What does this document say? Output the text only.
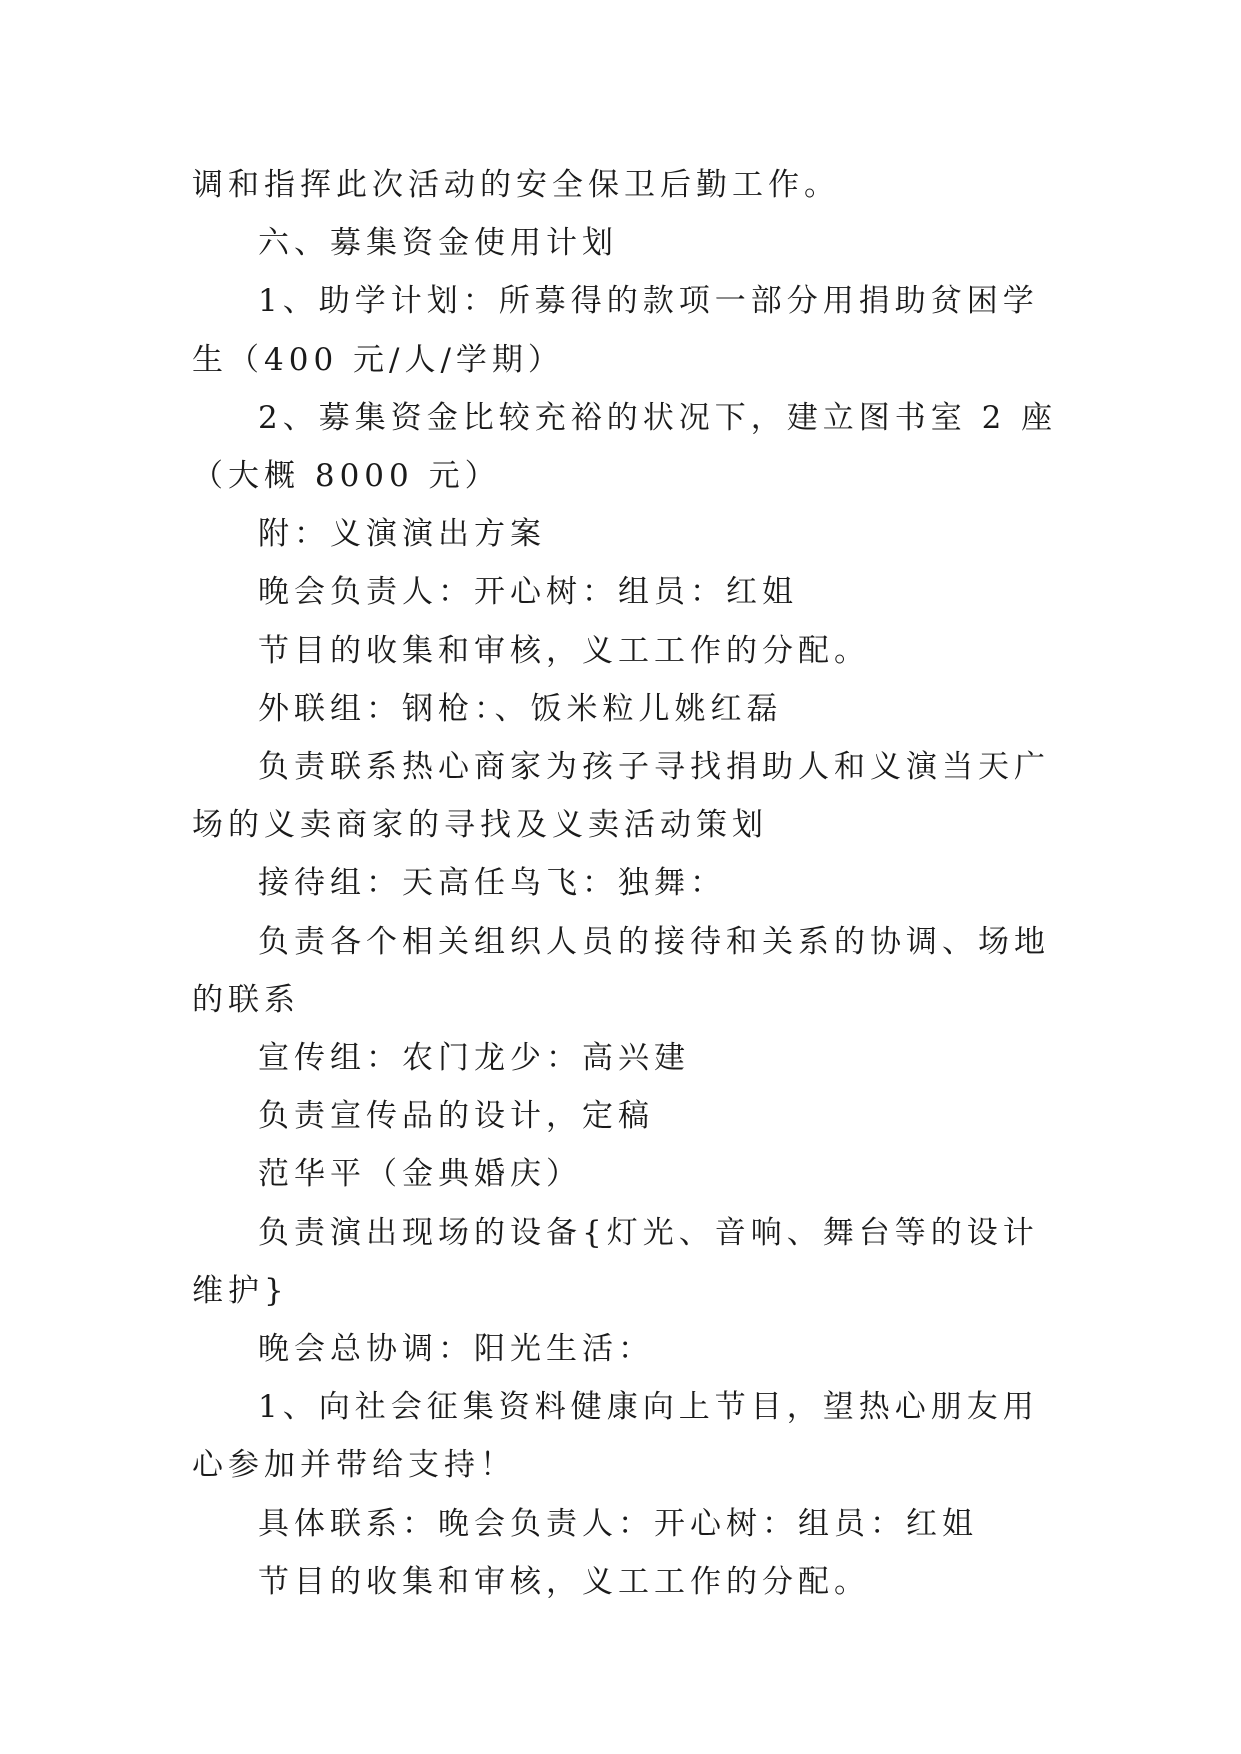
调和指挥此次活动的安全保卫后勤工作。

六、募集资金使用计划

1、助学计划：所募得的款项一部分用捐助贫困学生（400 元/人/学期）

2、募集资金比较充裕的状况下，建立图书室 2 座（大概 8000 元）

附：义演演出方案

晚会负责人：开心树：组员：红姐

节目的收集和审核，义工工作的分配。

外联组：钢枪：、饭米粒儿姚红磊

负责联系热心商家为孩子寻找捐助人和义演当天广场的义卖商家的寻找及义卖活动策划

接待组：天高任鸟飞：独舞：

负责各个相关组织人员的接待和关系的协调、场地的联系

宣传组：农门龙少：高兴建

负责宣传品的设计，定稿

范华平（金典婚庆）

负责演出现场的设备{灯光、音响、舞台等的设计维护}

晚会总协调：阳光生活：

1、向社会征集资料健康向上节目，望热心朋友用心参加并带给支持！

具体联系：晚会负责人：开心树：组员：红姐

节目的收集和审核，义工工作的分配。
